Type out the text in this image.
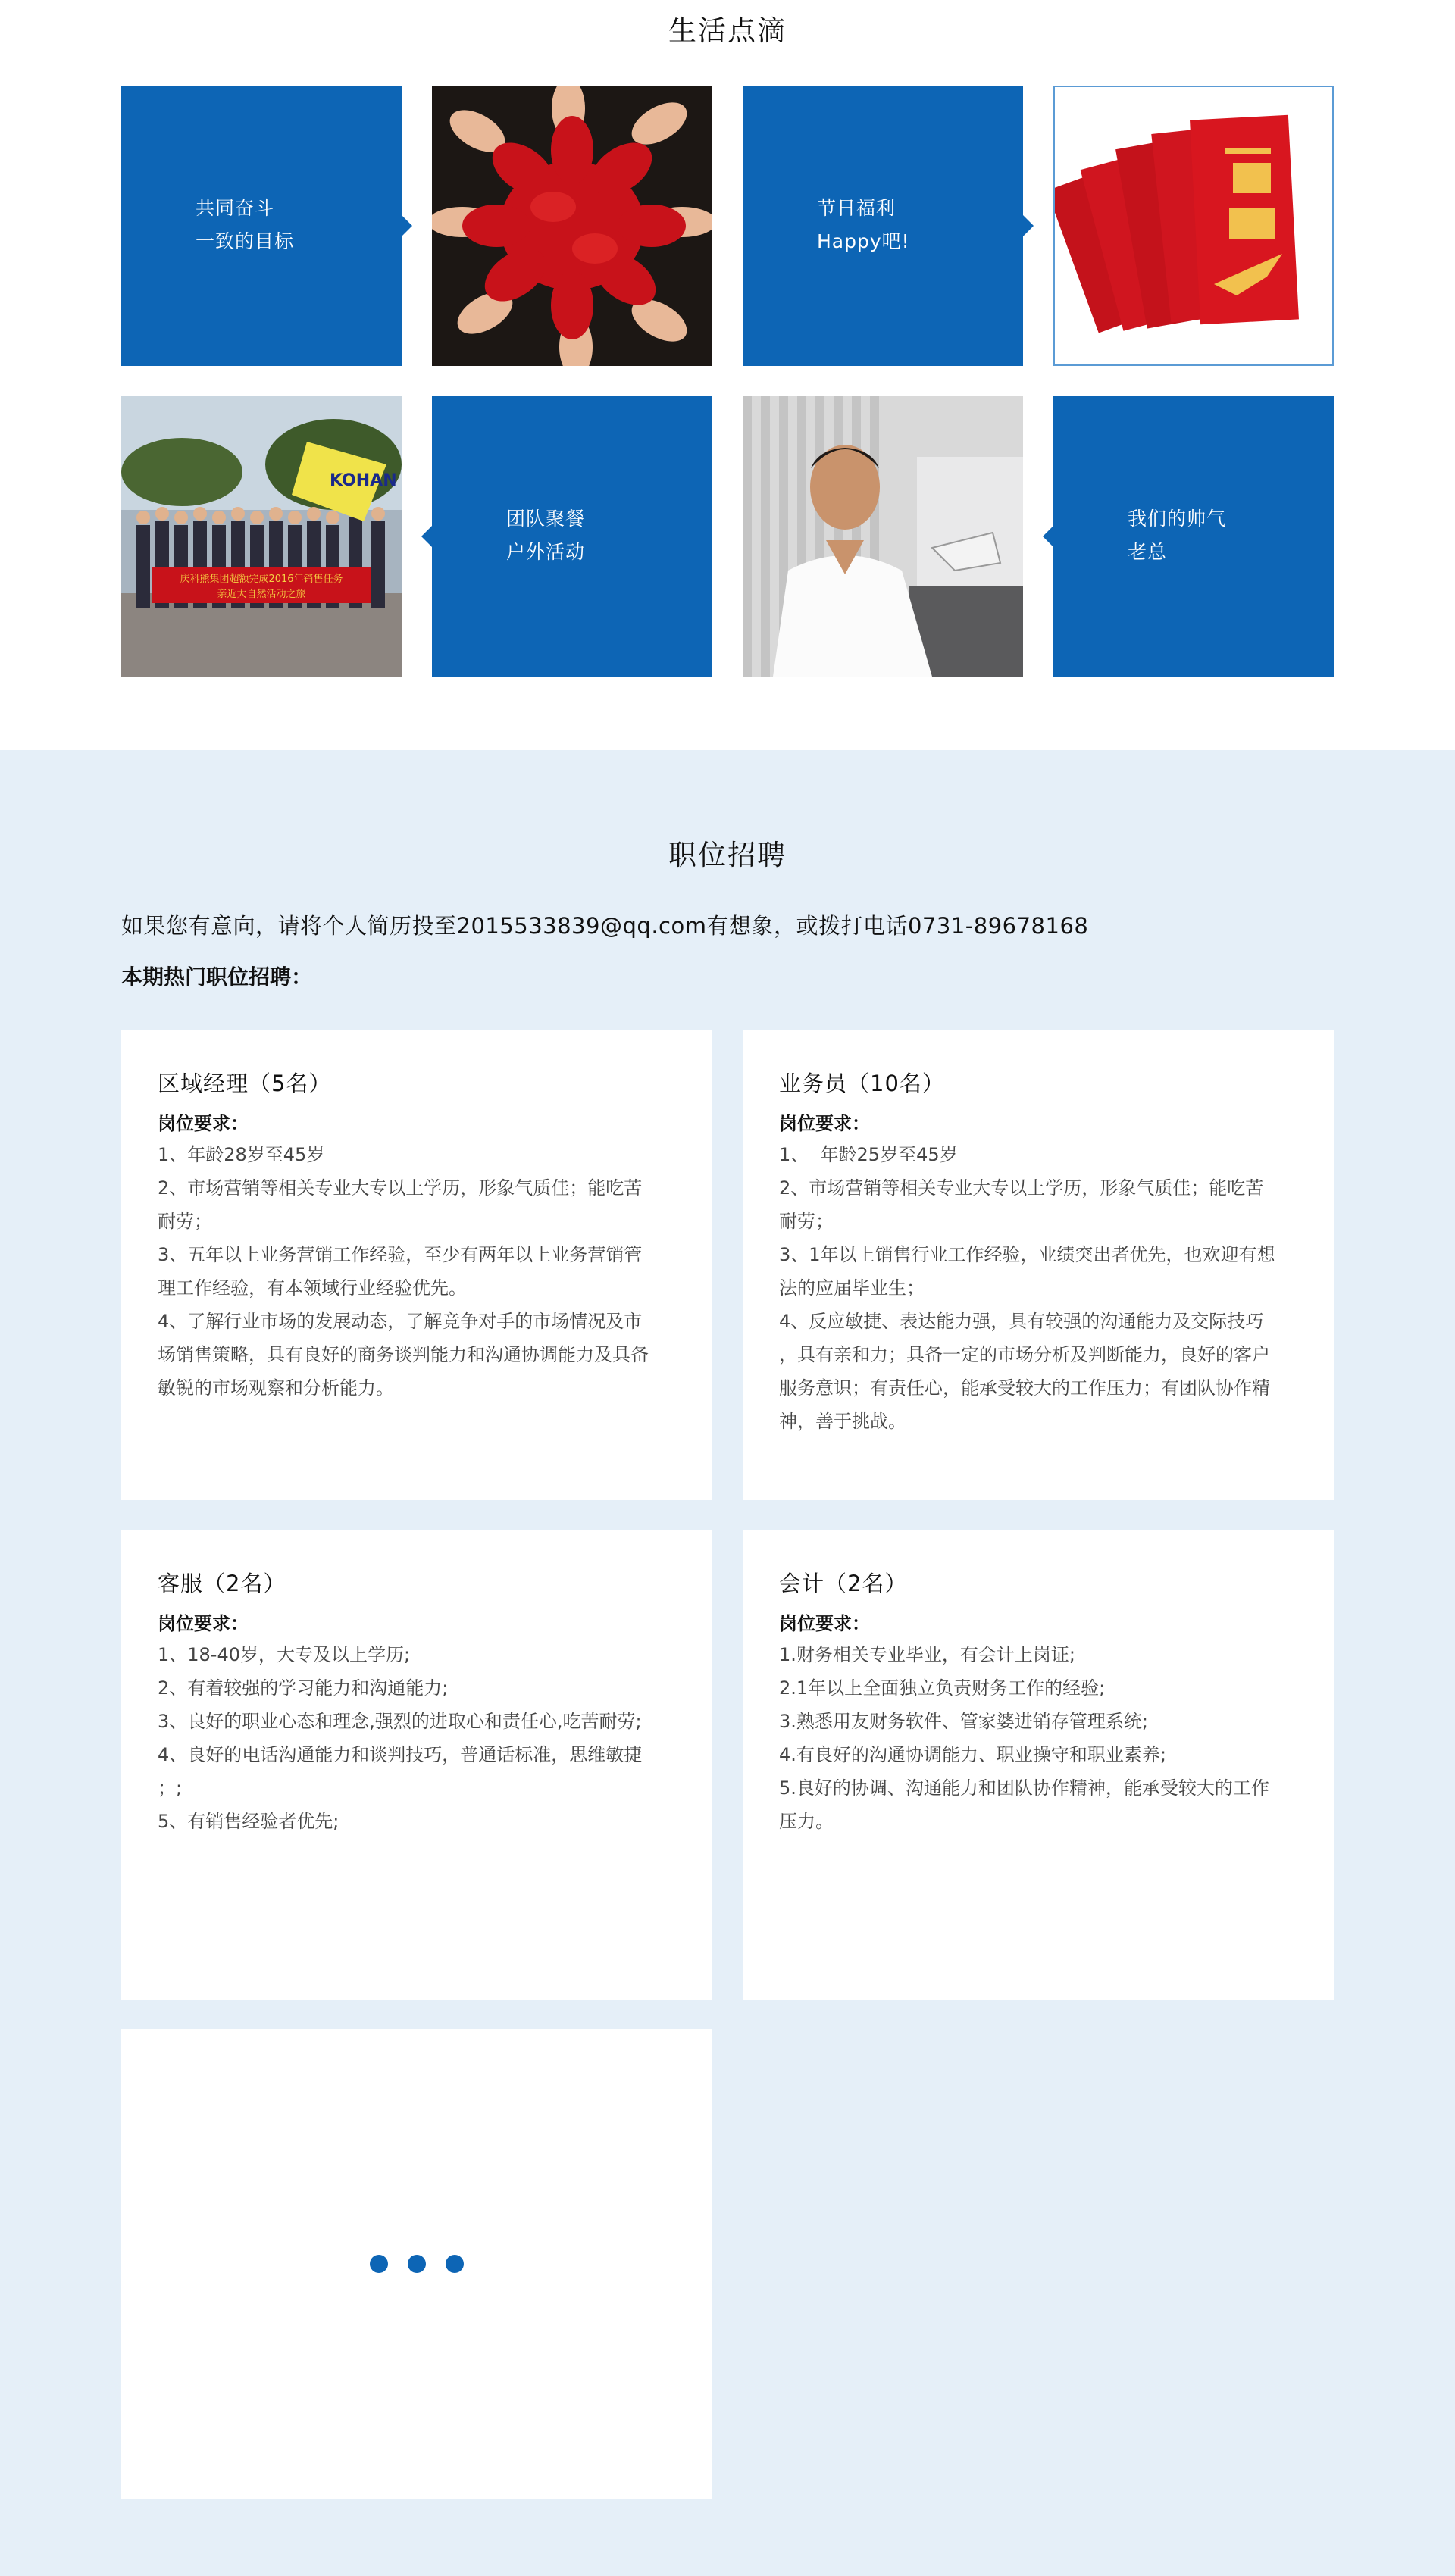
生活点滴
共同奋斗
一致的目标
节日福利
Happy吧!
KOHAN
庆科熊集团超额完成2016年销售任务
亲近大自然活动之旅
团队聚餐
户外活动
我们的帅气
老总
职位招聘
如果您有意向，请将个人简历投至2015533839@qq.com有想象，或拨打电话0731-89678168
本期热门职位招聘：
区域经理（5名）
岗位要求：
1、年龄28岁至45岁
2、市场营销等相关专业大专以上学历，形象气质佳；能吃苦
耐劳；
3、五年以上业务营销工作经验，至少有两年以上业务营销管
理工作经验，有本领域行业经验优先。
4、了解行业市场的发展动态，了解竞争对手的市场情况及市
场销售策略，具有良好的商务谈判能力和沟通协调能力及具备
敏锐的市场观察和分析能力。
业务员（10名）
岗位要求：
1、  年龄25岁至45岁
2、市场营销等相关专业大专以上学历，形象气质佳；能吃苦
耐劳；
3、1年以上销售行业工作经验，业绩突出者优先，也欢迎有想
法的应届毕业生；
4、反应敏捷、表达能力强，具有较强的沟通能力及交际技巧
，具有亲和力；具备一定的市场分析及判断能力，良好的客户
服务意识；有责任心，能承受较大的工作压力；有团队协作精
神，善于挑战。
客服（2名）
岗位要求：
1、18-40岁，大专及以上学历;
2、有着较强的学习能力和沟通能力;
3、良好的职业心态和理念,强烈的进取心和责任心,吃苦耐劳;
4、良好的电话沟通能力和谈判技巧，普通话标准，思维敏捷
；;
5、有销售经验者优先;
会计（2名）
岗位要求：
1.财务相关专业毕业，有会计上岗证;
2.1年以上全面独立负责财务工作的经验;
3.熟悉用友财务软件、管家婆进销存管理系统;
4.有良好的沟通协调能力、职业操守和职业素养;
5.良好的协调、沟通能力和团队协作精神，能承受较大的工作
压力。
